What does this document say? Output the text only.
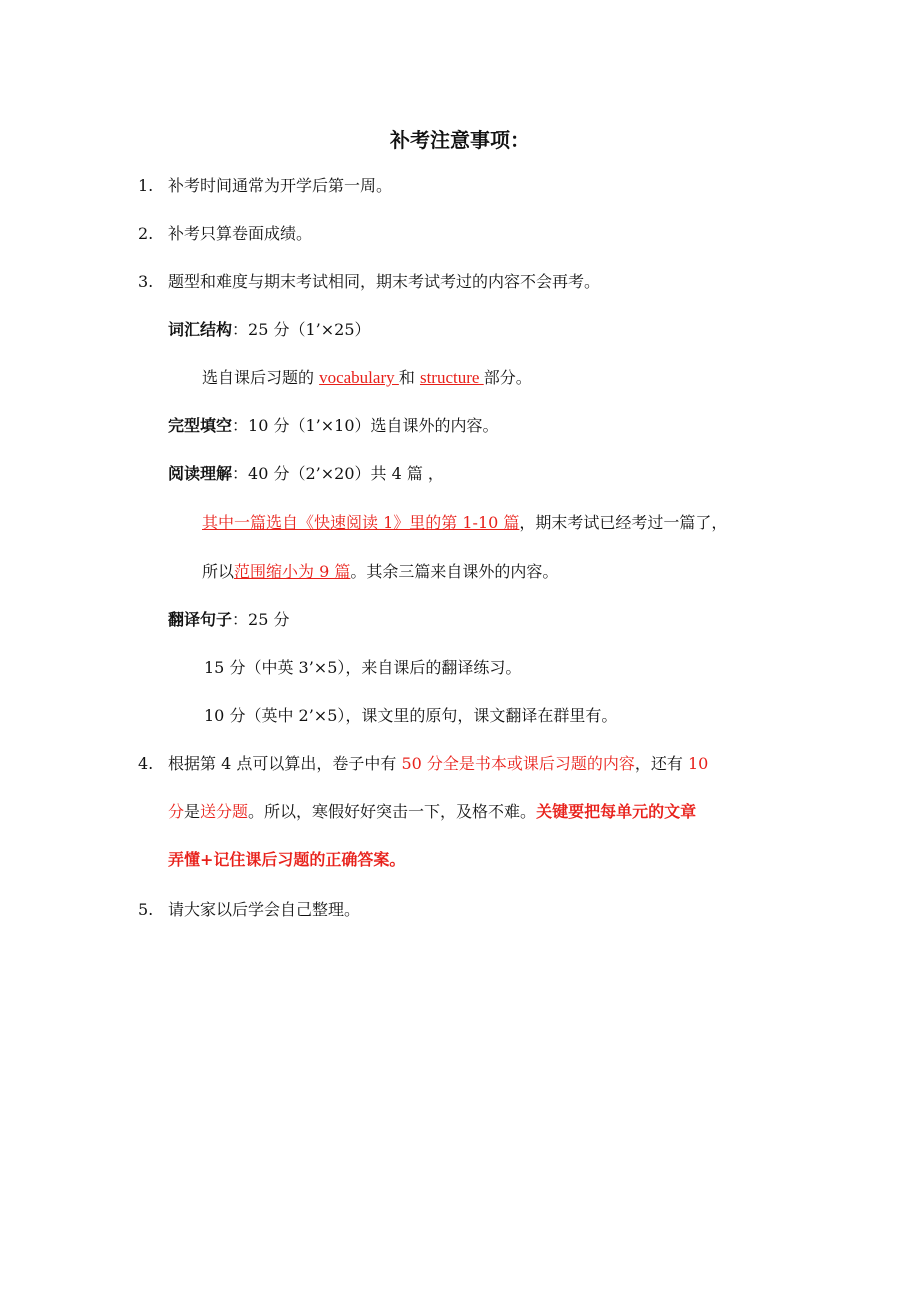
补考注意事项：
1. 补考时间通常为开学后第一周。
2. 补考只算卷面成绩。
3. 题型和难度与期末考试相同，期末考试考过的内容不会再考。
词汇结构：25 分（1’×25）
选自课后习题的 vocabulary 和 structure 部分。
完型填空：10 分（1’×10）选自课外的内容。
阅读理解：40 分（2’×20）共 4 篇 ，
其中一篇选自《快速阅读 1》里的第 1-10 篇，期末考试已经考过一篇了，
所以范围缩小为 9 篇。其余三篇来自课外的内容。
翻译句子：25 分
15 分（中英 3’×5），来自课后的翻译练习。
10 分（英中 2’×5），课文里的原句，课文翻译在群里有。
4. 根据第 4 点可以算出，卷子中有 50 分全是书本或课后习题的内容，还有 10
分是送分题。所以，寒假好好突击一下，及格不难。关键要把每单元的文章
弄懂+记住课后习题的正确答案。
5. 请大家以后学会自己整理。
